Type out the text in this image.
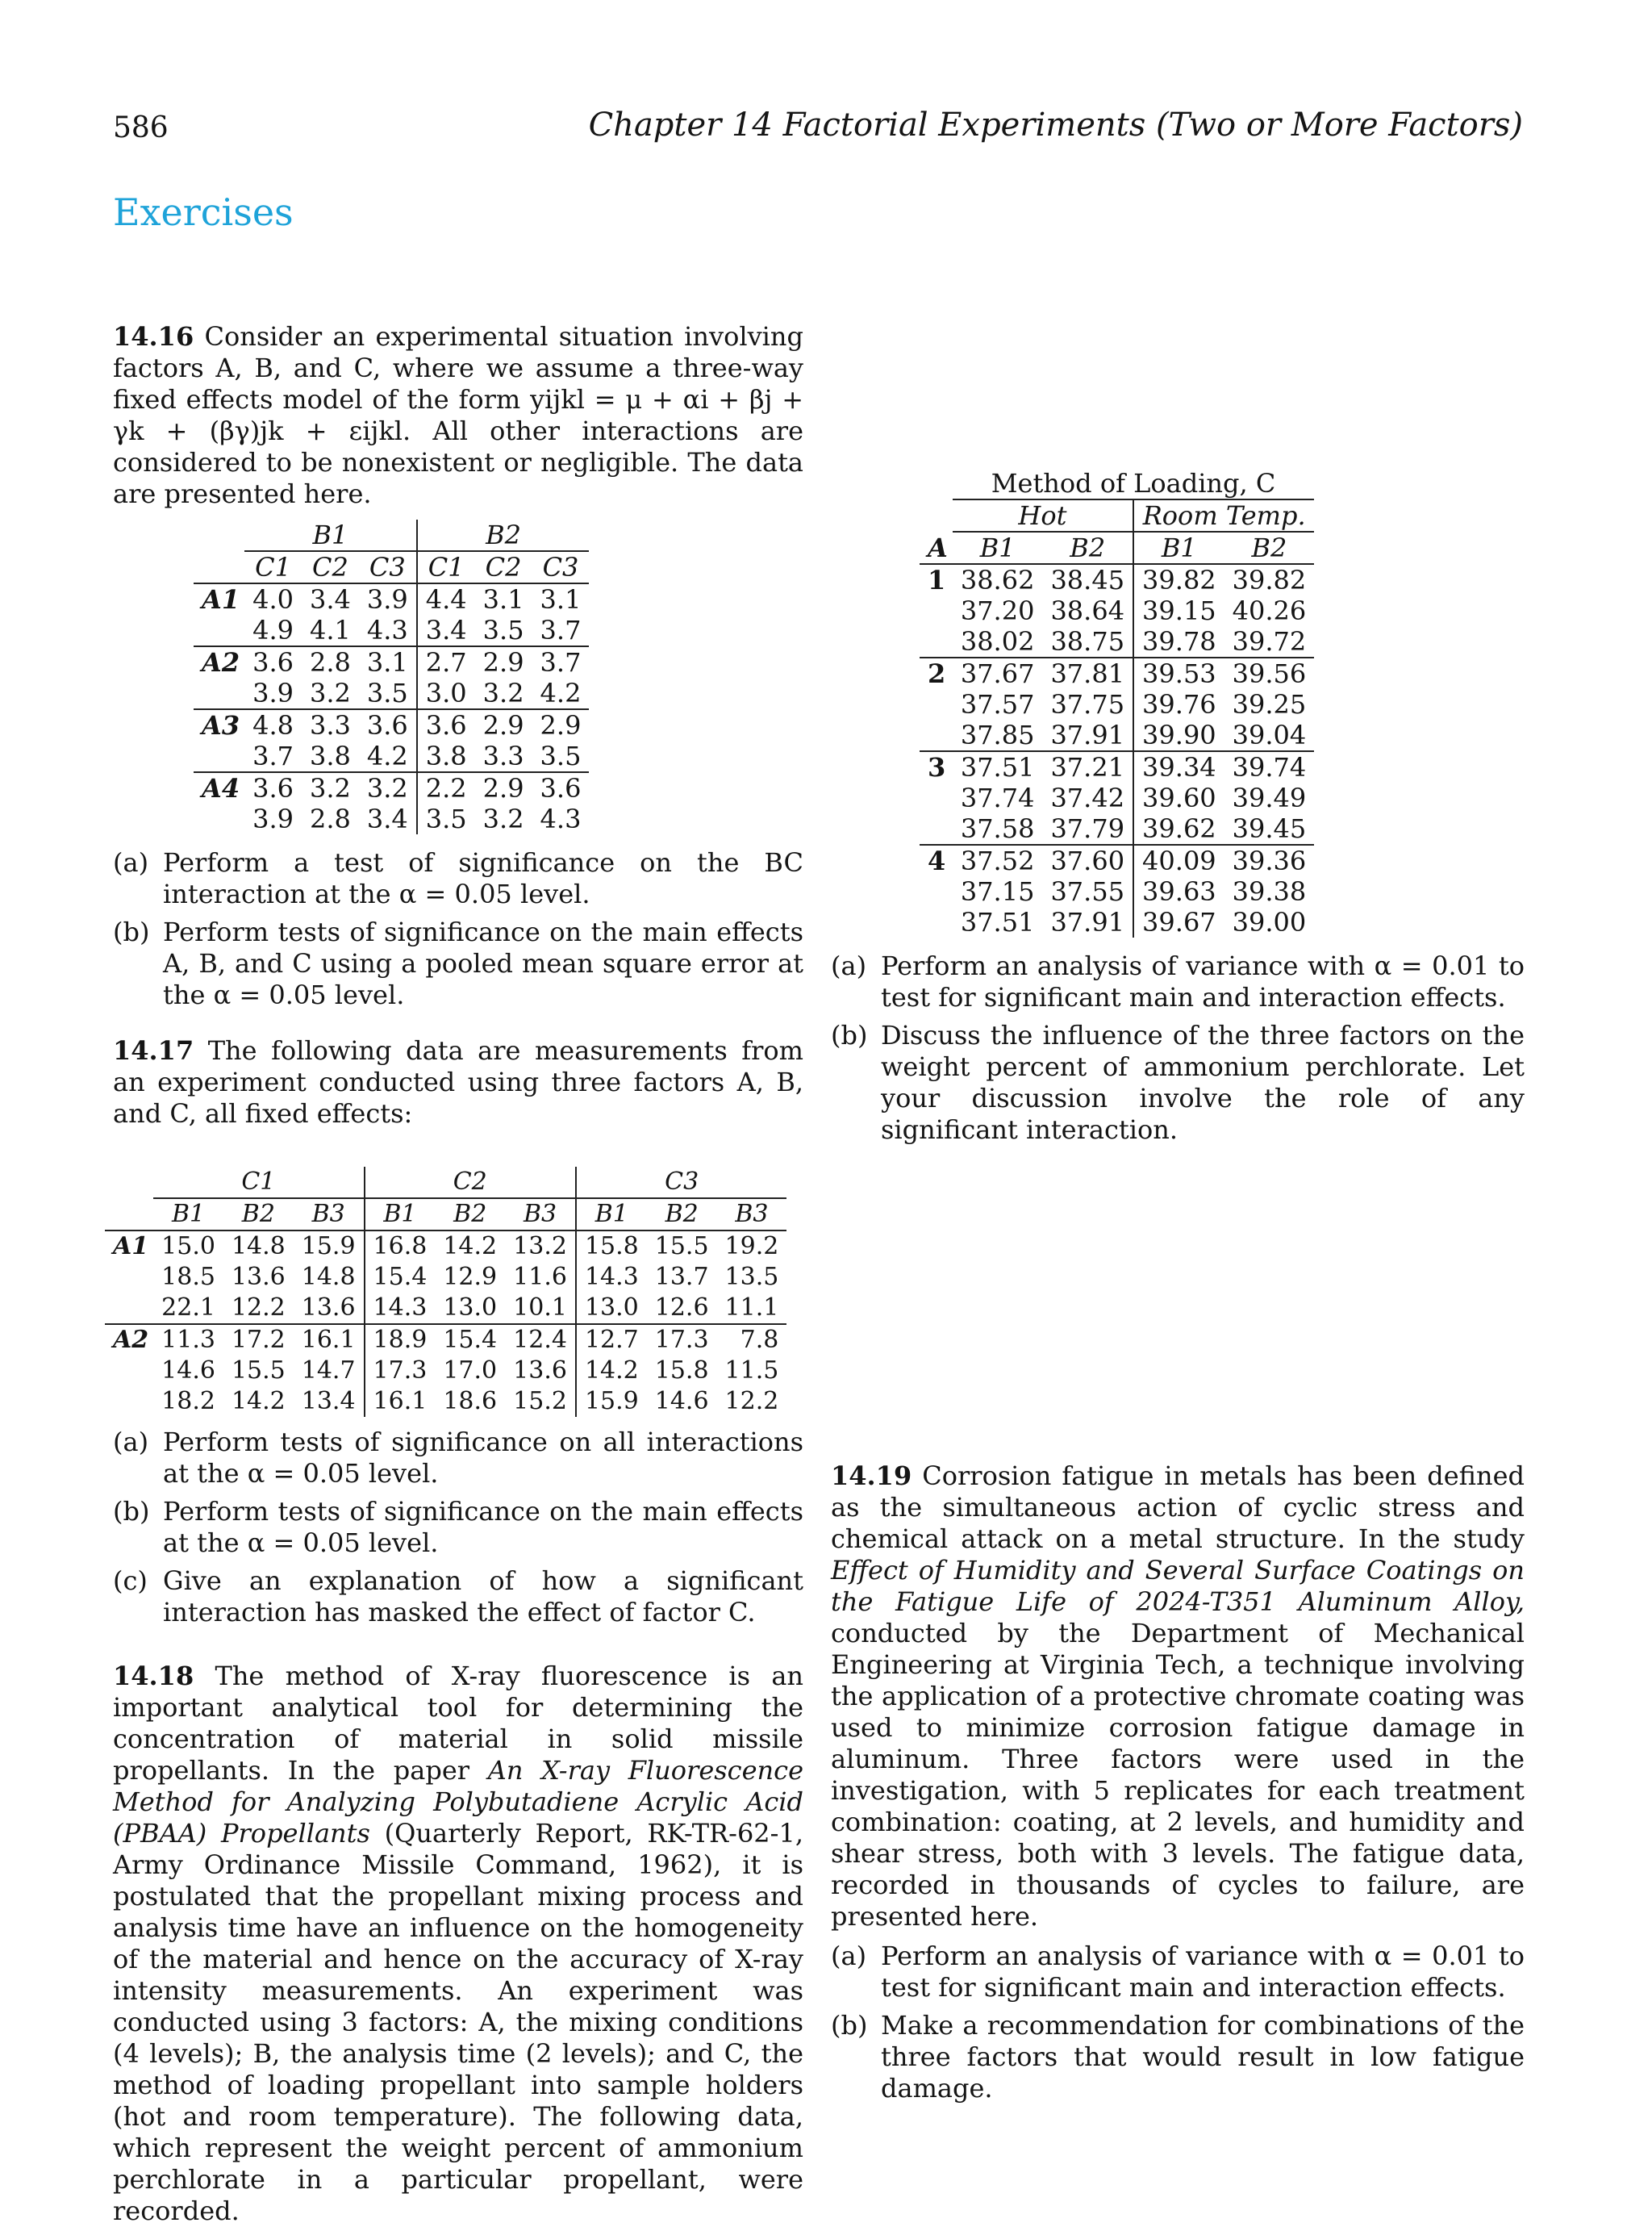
586	Chapter 14 Factorial Experiments (Two or More Factors)
Exercises

14.16 Consider an experimental situation involving factors A, B, and C, where we assume a three-way fixed effects model of the form yijkl = μ + αi + βj + γk + (βγ)jk + εijkl. All other interactions are considered to be nonexistent or negligible. The data are presented here.

	B1			B2		
	C1	C2	C3	C1	C2	C3
A1	4.0	3.4	3.9	4.4	3.1	3.1
	4.9	4.1	4.3	3.4	3.5	3.7
A2	3.6	2.8	3.1	2.7	2.9	3.7
	3.9	3.2	3.5	3.0	3.2	4.2
A3	4.8	3.3	3.6	3.6	2.9	2.9
	3.7	3.8	4.2	3.8	3.3	3.5
A4	3.6	3.2	3.2	2.2	2.9	3.6
	3.9	2.8	3.4	3.5	3.2	4.3
(a) Perform a test of significance on the BC interaction at the α = 0.05 level.
(b) Perform tests of significance on the main effects A, B, and C using a pooled mean square error at the α = 0.05 level.

14.17 The following data are measurements from an experiment conducted using three factors A, B, and C, all fixed effects:

	C1			C2			C3		
	B1	B2	B3	B1	B2	B3	B1	B2	B3
A1	15.0	14.8	15.9	16.8	14.2	13.2	15.8	15.5	19.2
	18.5	13.6	14.8	15.4	12.9	11.6	14.3	13.7	13.5
	22.1	12.2	13.6	14.3	13.0	10.1	13.0	12.6	11.1
A2	11.3	17.2	16.1	18.9	15.4	12.4	12.7	17.3	7.8
	14.6	15.5	14.7	17.3	17.0	13.6	14.2	15.8	11.5
	18.2	14.2	13.4	16.1	18.6	15.2	15.9	14.6	12.2
(a) Perform tests of significance on all interactions at the α = 0.05 level.
(b) Perform tests of significance on the main effects at the α = 0.05 level.
(c) Give an explanation of how a significant interaction has masked the effect of factor C.

14.18 The method of X-ray fluorescence is an important analytical tool for determining the concentration of material in solid missile propellants. In the paper An X-ray Fluorescence Method for Analyzing Polybutadiene Acrylic Acid (PBAA) Propellants (Quarterly Report, RK-TR-62-1, Army Ordinance Missile Command, 1962), it is postulated that the propellant mixing process and analysis time have an influence on the homogeneity of the material and hence on the accuracy of X-ray intensity measurements. An experiment was conducted using 3 factors: A, the mixing conditions (4 levels); B, the analysis time (2 levels); and C, the method of loading propellant into sample holders (hot and room temperature). The following data, which represent the weight percent of ammonium perchlorate in a particular propellant, were recorded.

14.19 Corrosion fatigue in metals has been defined as the simultaneous action of cyclic stress and chemical attack on a metal structure. In the study Effect of Humidity and Several Surface Coatings on the Fatigue Life of 2024-T351 Aluminum Alloy, conducted by the Department of Mechanical Engineering at Virginia Tech, a technique involving the application of a protective chromate coating was used to minimize corrosion fatigue damage in aluminum. Three factors were used in the investigation, with 5 replicates for each treatment combination: coating, at 2 levels, and humidity and shear stress, both with 3 levels. The fatigue data, recorded in thousands of cycles to failure, are presented here.

(a) Perform an analysis of variance with α = 0.01 to test for significant main and interaction effects.
(b) Make a recommendation for combinations of the three factors that would result in low fatigue damage.
	Method of Loading, C			
	Hot		Room Temp.	
A	B1	B2	B1	B2
1	38.62	38.45	39.82	39.82
	37.20	38.64	39.15	40.26
	38.02	38.75	39.78	39.72
2	37.67	37.81	39.53	39.56
	37.57	37.75	39.76	39.25
	37.85	37.91	39.90	39.04
3	37.51	37.21	39.34	39.74
	37.74	37.42	39.60	39.49
	37.58	37.79	39.62	39.45
4	37.52	37.60	40.09	39.36
	37.15	37.55	39.63	39.38
	37.51	37.91	39.67	39.00
(a) Perform an analysis of variance with α = 0.01 to test for significant main and interaction effects.
(b) Discuss the influence of the three factors on the weight percent of ammonium perchlorate. Let your discussion involve the role of any significant interaction.
